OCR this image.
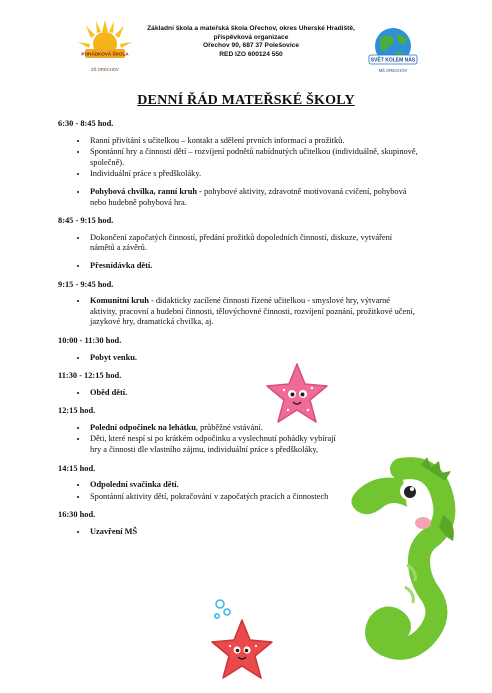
POHÁDKOVÁ ŠKOLA
ZŠ ORECHOV
Základní škola a mateřská škola Ořechov, okres Uherské Hradiště,
příspěvková organizace
Ořechov 90, 687 37 Polešovice
RED IZO 600124 550
SVĚT KOLEM NÁS
MŠ ORECHOV
DENNÍ ŘÁD MATEŘSKÉ ŠKOLY
6:30 - 8:45 hod.
• Ranní přivítání s učitelkou – kontakt a sdělení prvních informací a prožitků.
• Spontánní hry a činnosti dětí – rozvíjení podnětů nabídnutých učitelkou (individuálně, skupinově, společně).
• Individuální práce s předškoláky.
• Pohybová chvilka, ranní kruh - pohybové aktivity, zdravotně motivovaná cvičení, pohybová nebo hudebně pohybová hra.
8:45 - 9:15 hod.
• Dokončení započatých činností, předání prožitků dopoledních činností, diskuze, vytváření námětů a závěrů.
• Přesnídávka dětí.
9:15 - 9:45 hod.
• Komunitní kruh - didakticky zacílené činnosti řízené učitelkou - smyslové hry, výtvarné aktivity, pracovní a hudební činnosti, tělovýchovné činnosti, rozvíjení poznání, prožitkové učení, jazykové hry, dramatická chvilka, aj.
10:00 - 11:30 hod.
• Pobyt venku.
11:30 - 12:15 hod.
• Oběd dětí.
12:15 hod.
• Polední odpočinek na lehátku, průběžné vstávání.
• Děti, které nespí si po krátkém odpočinku a vyslechnutí pohádky vybírají hry a činnosti dle vlastního zájmu, individuální práce s předškoláky,
14:15 hod.
• Odpolední svačinka dětí.
• Spontánní aktivity dětí, pokračování v započatých pracích a činnostech
16:30 hod.
• Uzavření MŠ
